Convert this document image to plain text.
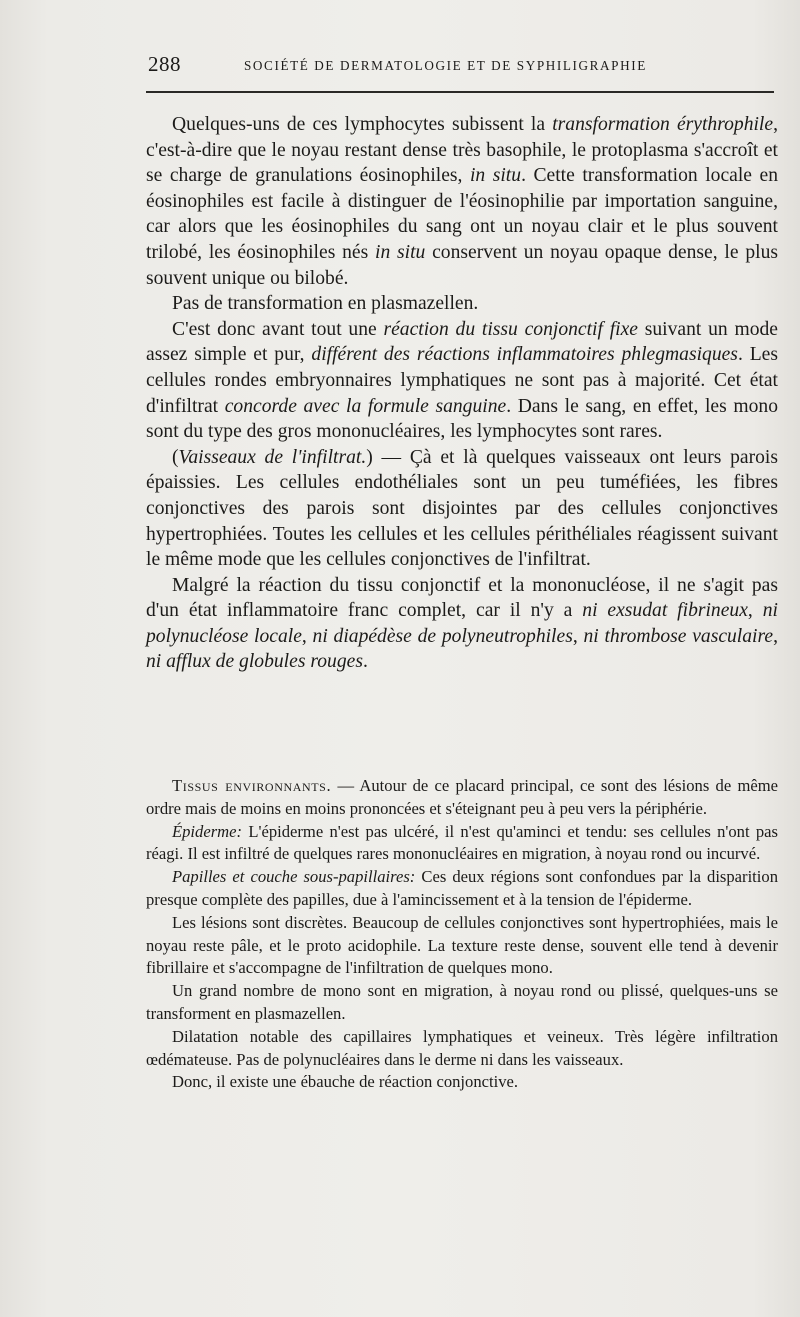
288	SOCIÉTÉ DE DERMATOLOGIE ET DE SYPHILIGRAPHIE

Quelques-uns de ces lymphocytes subissent la transformation érythrophile, c'est-à-dire que le noyau restant dense très basophile, le protoplasma s'accroît et se charge de granulations éosinophiles, in situ. Cette transformation locale en éosinophiles est facile à distinguer de l'éosinophilie par importation sanguine, car alors que les éosinophiles du sang ont un noyau clair et le plus souvent trilobé, les éosinophiles nés in situ conservent un noyau opaque dense, le plus souvent unique ou bilobé.

Pas de transformation en plasmazellen.

C'est donc avant tout une réaction du tissu conjonctif fixe suivant un mode assez simple et pur, différent des réactions inflammatoires phlegmasiques. Les cellules rondes embryonnaires lymphatiques ne sont pas à majorité. Cet état d'infiltrat concorde avec la formule sanguine. Dans le sang, en effet, les mono sont du type des gros mononucléaires, les lymphocytes sont rares.

(Vaisseaux de l'infiltrat.) — Çà et là quelques vaisseaux ont leurs parois épaissies. Les cellules endothéliales sont un peu tuméfiées, les fibres conjonctives des parois sont disjointes par des cellules conjonctives hypertrophiées. Toutes les cellules et les cellules périthéliales réagissent suivant le même mode que les cellules conjonctives de l'infiltrat.

Malgré la réaction du tissu conjonctif et la mononucléose, il ne s'agit pas d'un état inflammatoire franc complet, car il n'y a ni exsudat fibrineux, ni polynucléose locale, ni diapédèse de polyneutrophiles, ni thrombose vasculaire, ni afflux de globules rouges.

Tissus environnants. — Autour de ce placard principal, ce sont des lésions de même ordre mais de moins en moins prononcées et s'éteignant peu à peu vers la périphérie.

Épiderme: L'épiderme n'est pas ulcéré, il n'est qu'aminci et tendu: ses cellules n'ont pas réagi. Il est infiltré de quelques rares mononucléaires en migration, à noyau rond ou incurvé.

Papilles et couche sous-papillaires: Ces deux régions sont confondues par la disparition presque complète des papilles, due à l'amincissement et à la tension de l'épiderme.

Les lésions sont discrètes. Beaucoup de cellules conjonctives sont hypertrophiées, mais le noyau reste pâle, et le proto acidophile. La texture reste dense, souvent elle tend à devenir fibrillaire et s'accompagne de l'infiltration de quelques mono.

Un grand nombre de mono sont en migration, à noyau rond ou plissé, quelques-uns se transforment en plasmazellen.

Dilatation notable des capillaires lymphatiques et veineux. Très légère infiltration œdémateuse. Pas de polynucléaires dans le derme ni dans les vaisseaux.

Donc, il existe une ébauche de réaction conjonctive.
